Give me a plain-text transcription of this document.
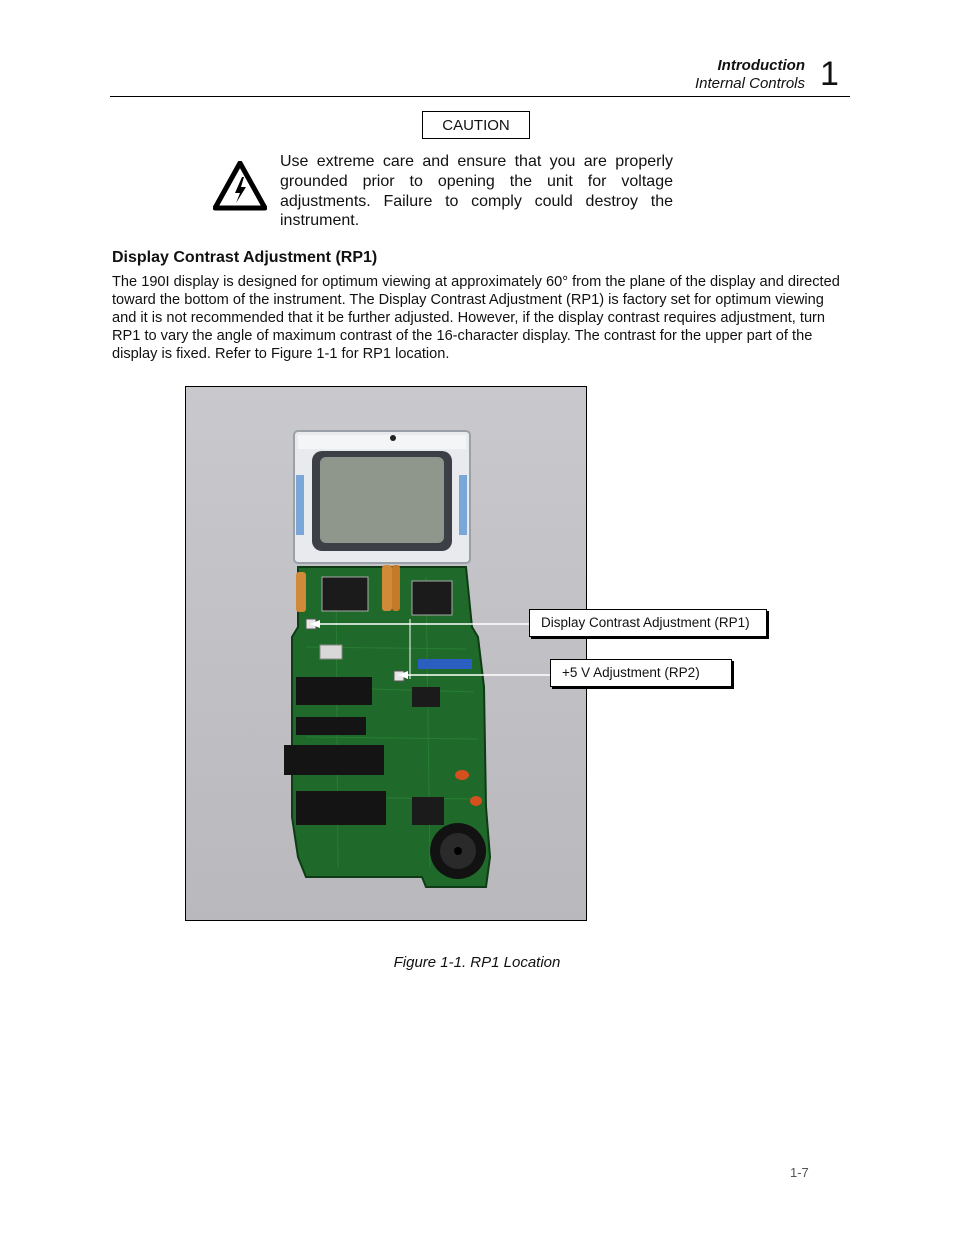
Introduction
Internal Controls 1
CAUTION
Use extreme care and ensure that you are properly grounded prior to opening the unit for voltage adjustments. Failure to comply could destroy the instrument.
Display Contrast Adjustment (RP1)
The 190I display is designed for optimum viewing at approximately 60° from the plane of the display and directed toward the bottom of the instrument. The Display Contrast Adjustment (RP1) is factory set for optimum viewing and it is not recommended that it be further adjusted. However, if the display contrast requires adjustment, turn RP1 to vary the angle of maximum contrast of the 16-character display. The contrast for the upper part of the display is fixed. Refer to Figure 1-1 for RP1 location.
Display Contrast Adjustment (RP1)
+5 V Adjustment (RP2)
Figure 1-1. RP1 Location
1-7
